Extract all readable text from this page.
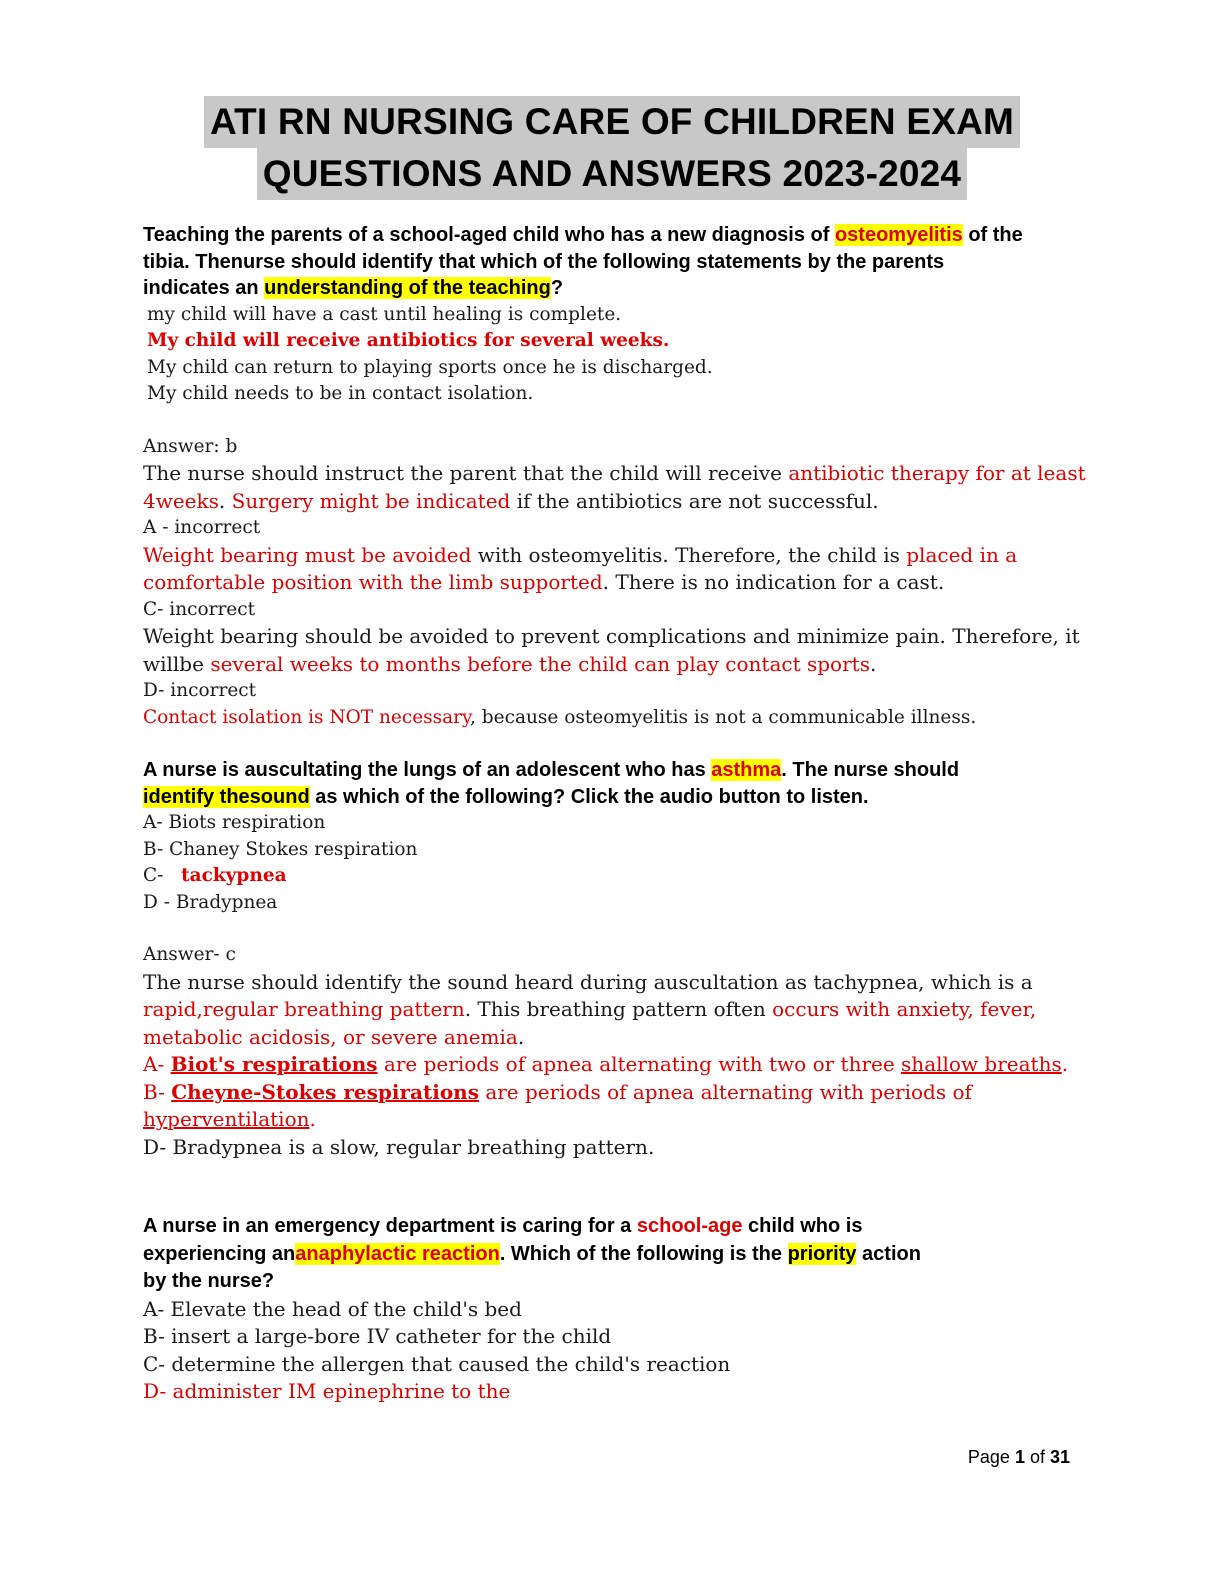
ATI RN NURSING CARE OF CHILDREN EXAM
QUESTIONS AND ANSWERS 2023-2024
Teaching the parents of a school-aged child who has a new diagnosis of osteomyelitis of the
tibia. Thenurse should identify that which of the following statements by the parents
indicates an understanding of the teaching?
my child will have a cast until healing is complete.
My child will receive antibiotics for several weeks.
My child can return to playing sports once he is discharged.
My child needs to be in contact isolation.
Answer: b
The nurse should instruct the parent that the child will receive antibiotic therapy for at least
4weeks. Surgery might be indicated if the antibiotics are not successful.
A - incorrect
Weight bearing must be avoided with osteomyelitis. Therefore, the child is placed in a
comfortable position with the limb supported. There is no indication for a cast.
C- incorrect
Weight bearing should be avoided to prevent complications and minimize pain. Therefore, it
willbe several weeks to months before the child can play contact sports.
D- incorrect
Contact isolation is NOT necessary, because osteomyelitis is not a communicable illness.
A nurse is auscultating the lungs of an adolescent who has asthma. The nurse should
identify thesound as which of the following? Click the audio button to listen.
A- Biots respiration
B- Chaney Stokes respiration
C- tackypnea
D - Bradypnea
Answer- c
The nurse should identify the sound heard during auscultation as tachypnea, which is a
rapid,regular breathing pattern. This breathing pattern often occurs with anxiety, fever,
metabolic acidosis, or severe anemia.
A- Biot's respirations are periods of apnea alternating with two or three shallow breaths.
B- Cheyne-Stokes respirations are periods of apnea alternating with periods of
hyperventilation.
D- Bradypnea is a slow, regular breathing pattern.
A nurse in an emergency department is caring for a school-age child who is
experiencing ananaphylactic reaction. Which of the following is the priority action
by the nurse?
A- Elevate the head of the child's bed
B- insert a large-bore IV catheter for the child
C- determine the allergen that caused the child's reaction
D- administer IM epinephrine to the
Page 1 of 31
